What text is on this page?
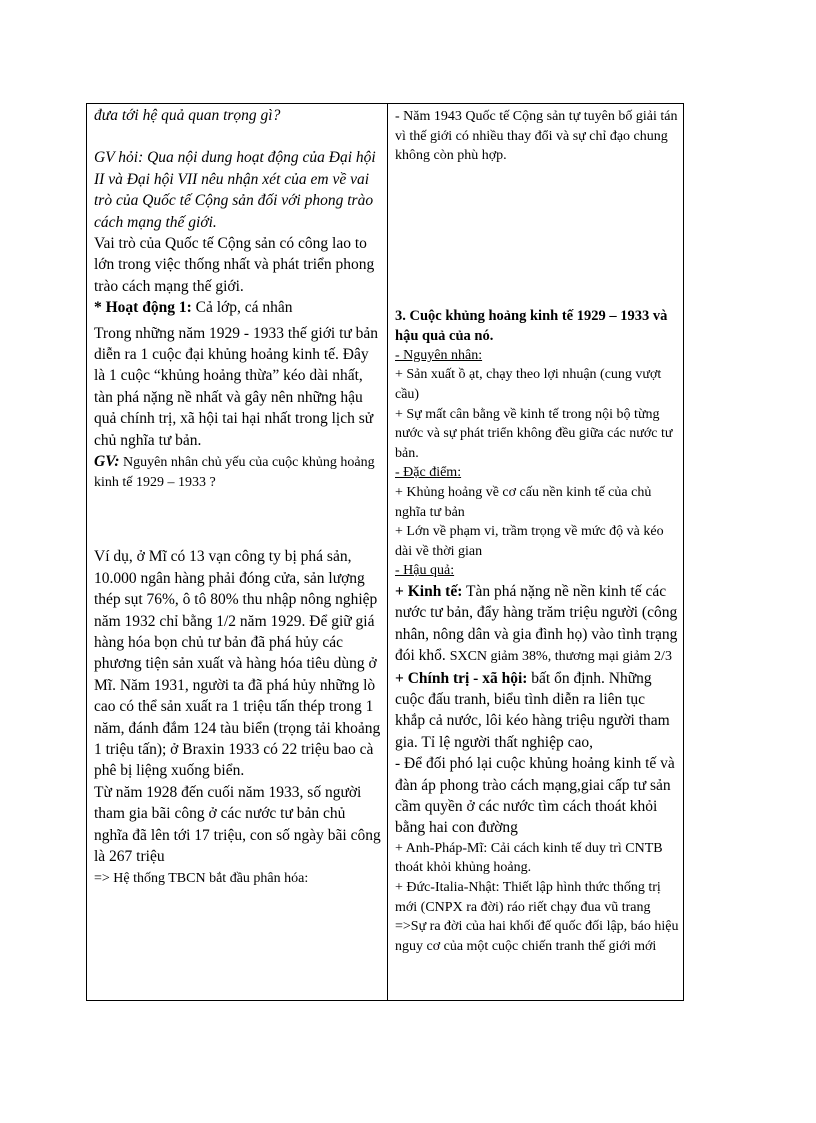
đưa tới hệ quả quan trọng gì?

GV hỏi: Qua nội dung hoạt động của Đại hội II và Đại hội VII nêu nhận xét của em về vai trò của Quốc tế Cộng sản đối với phong trào cách mạng thế giới.

Vai trò của Quốc tế Cộng sản có công lao to lớn trong việc thống nhất và phát triển phong trào cách mạng thế giới.

* Hoạt động 1: Cả lớp, cá nhân

Trong những năm 1929 - 1933 thế giới tư bản diễn ra 1 cuộc đại khủng hoảng kinh tế. Đây là 1 cuộc “khủng hoảng thừa” kéo dài nhất, tàn phá nặng nề nhất và gây nên những hậu quả chính trị, xã hội tai hại nhất trong lịch sử chủ nghĩa tư bản.

GV: Nguyên nhân chủ yếu của cuộc khủng hoảng kinh tế 1929 – 1933 ?

Ví dụ, ở Mĩ có 13 vạn công ty bị phá sản, 10.000 ngân hàng phải đóng cửa, sản lượng thép sụt 76%, ô tô 80% thu nhập nông nghiệp năm 1932 chỉ bằng 1/2 năm 1929. Để giữ giá hàng hóa bọn chủ tư bản đã phá hủy các phương tiện sản xuất và hàng hóa tiêu dùng ở Mĩ. Năm 1931, người ta đã phá hủy những lò cao có thể sản xuất ra 1 triệu tấn thép trong 1 năm, đánh đắm 124 tàu biển (trọng tải khoảng 1 triệu tấn); ở Braxin 1933 có 22 triệu bao cà phê bị liệng xuống biển.

Từ năm 1928 đến cuối năm 1933, số người tham gia bãi công ở các nước tư bản chủ nghĩa đã lên tới 17 triệu, con số ngày bãi công là 267 triệu

=> Hệ thống TBCN bắt đầu phân hóa:

- Năm 1943 Quốc tế Cộng sản tự tuyên bố giải tán vì thế giới có nhiều thay đổi và sự chỉ đạo chung không còn phù hợp.

3. Cuộc khủng hoảng kinh tế 1929 – 1933 và hậu quả của nó.

- Nguyên nhân:

+ Sản xuất ồ ạt, chạy theo lợi nhuận (cung vượt cầu)

+ Sự mất cân bằng về kinh tế trong nội bộ từng nước và sự phát triển không đều giữa các nước tư bản.

- Đặc điểm:

+ Khủng hoảng về cơ cấu nền kinh tế của chủ nghĩa tư bản

+ Lớn về phạm vi, trầm trọng về mức độ và kéo dài về thời gian

- Hậu quả:

+ Kinh tế: Tàn phá nặng nề nền kinh tế các nước tư bản, đẩy hàng trăm triệu người (công nhân, nông dân và gia đình họ) vào tình trạng đói khổ. SXCN giảm 38%, thương mại giảm 2/3

+ Chính trị - xã hội: bất ổn định. Những cuộc đấu tranh, biểu tình diễn ra liên tục khắp cả nước, lôi kéo hàng triệu người tham gia. Tỉ lệ người thất nghiệp cao,

- Để đối phó lại cuộc khủng hoảng kinh tế và đàn áp phong trào cách mạng,giai cấp tư sản cầm quyền ở các nước tìm cách thoát khỏi bằng hai con đường

+ Anh-Pháp-Mĩ: Cải cách kinh tế duy trì CNTB thoát khỏi khủng hoảng.

+ Đức-Italia-Nhật: Thiết lập hình thức thống trị mới (CNPX ra đời) ráo riết chạy đua vũ trang

=>Sự ra đời của hai khối đế quốc đối lập, báo hiệu nguy cơ của một cuộc chiến tranh thế giới mới
